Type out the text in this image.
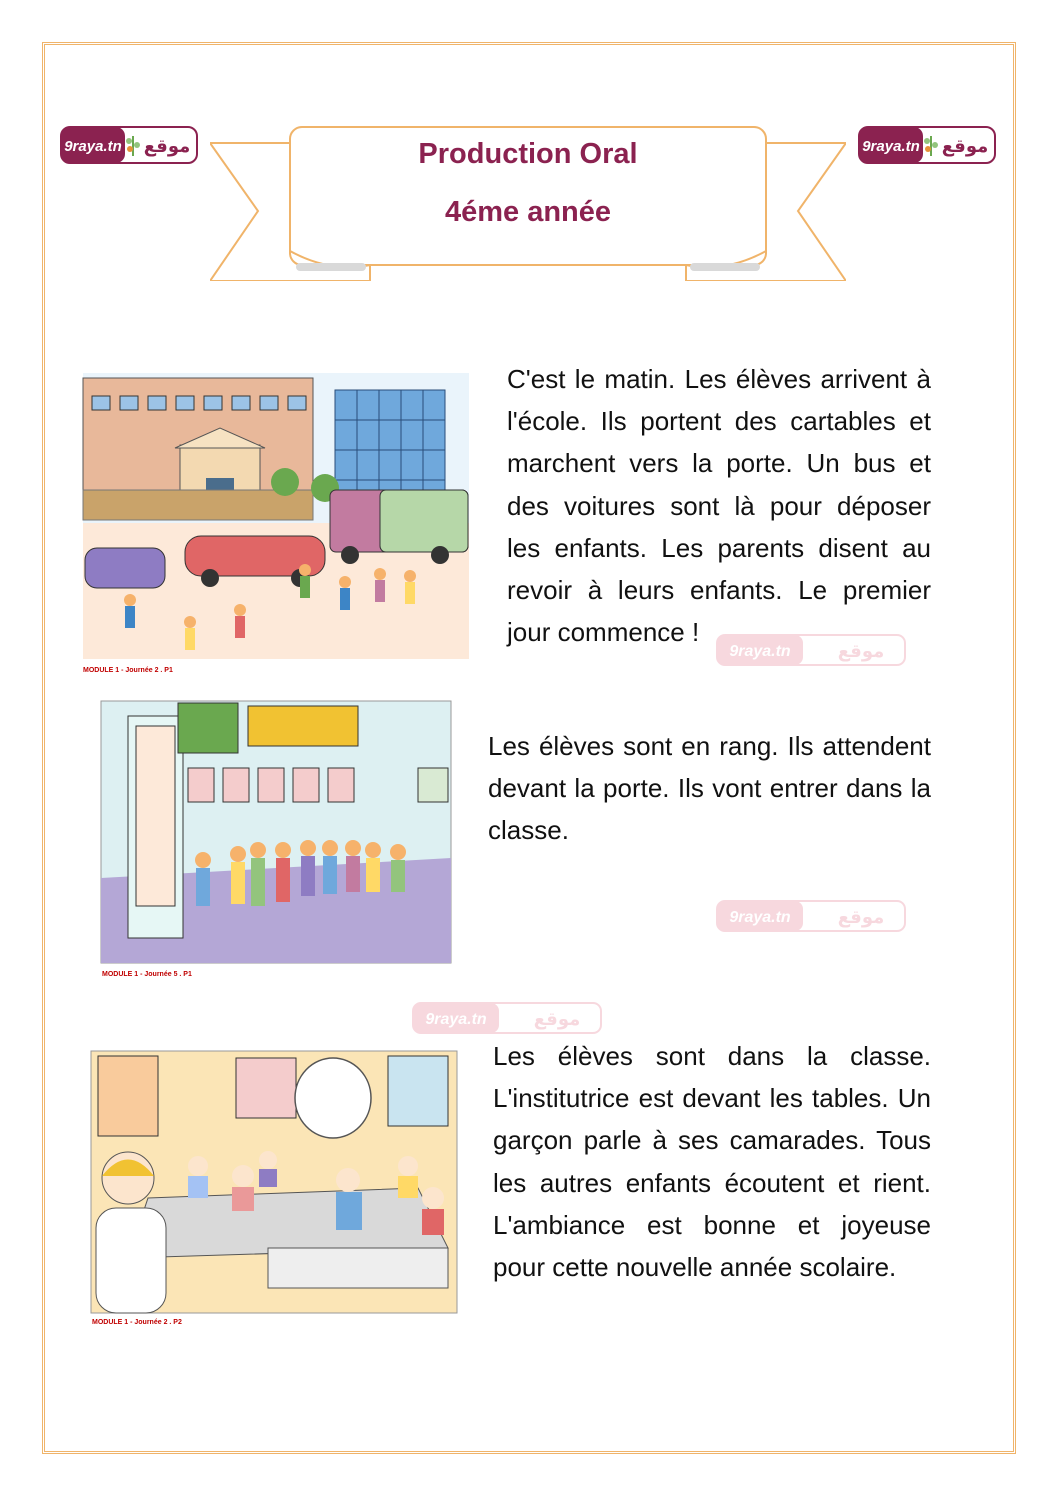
9raya.tn موقع	9raya.tn موقع
Production Oral
4éme année
MODULE 1 - Journée 2 . P1
MODULE 1 - Journée 5 . P1
MODULE 1 - Journée 2 . P2
C'est le matin. Les élèves arrivent à l'école. Ils portent des cartables et marchent vers la porte. Un bus et des voitures sont là pour déposer les enfants. Les parents disent au revoir à leurs enfants. Le premier jour commence !
Les élèves sont en rang. Ils attendent devant la porte. Ils vont entrer dans la classe.
Les élèves sont dans la classe. L'institutrice est devant les tables. Un garçon parle à ses camarades. Tous les autres enfants écoutent et rient. L'ambiance est bonne et joyeuse pour cette nouvelle année scolaire.
9raya.tn	موقع
9raya.tn	موقع
9raya.tn	موقع
